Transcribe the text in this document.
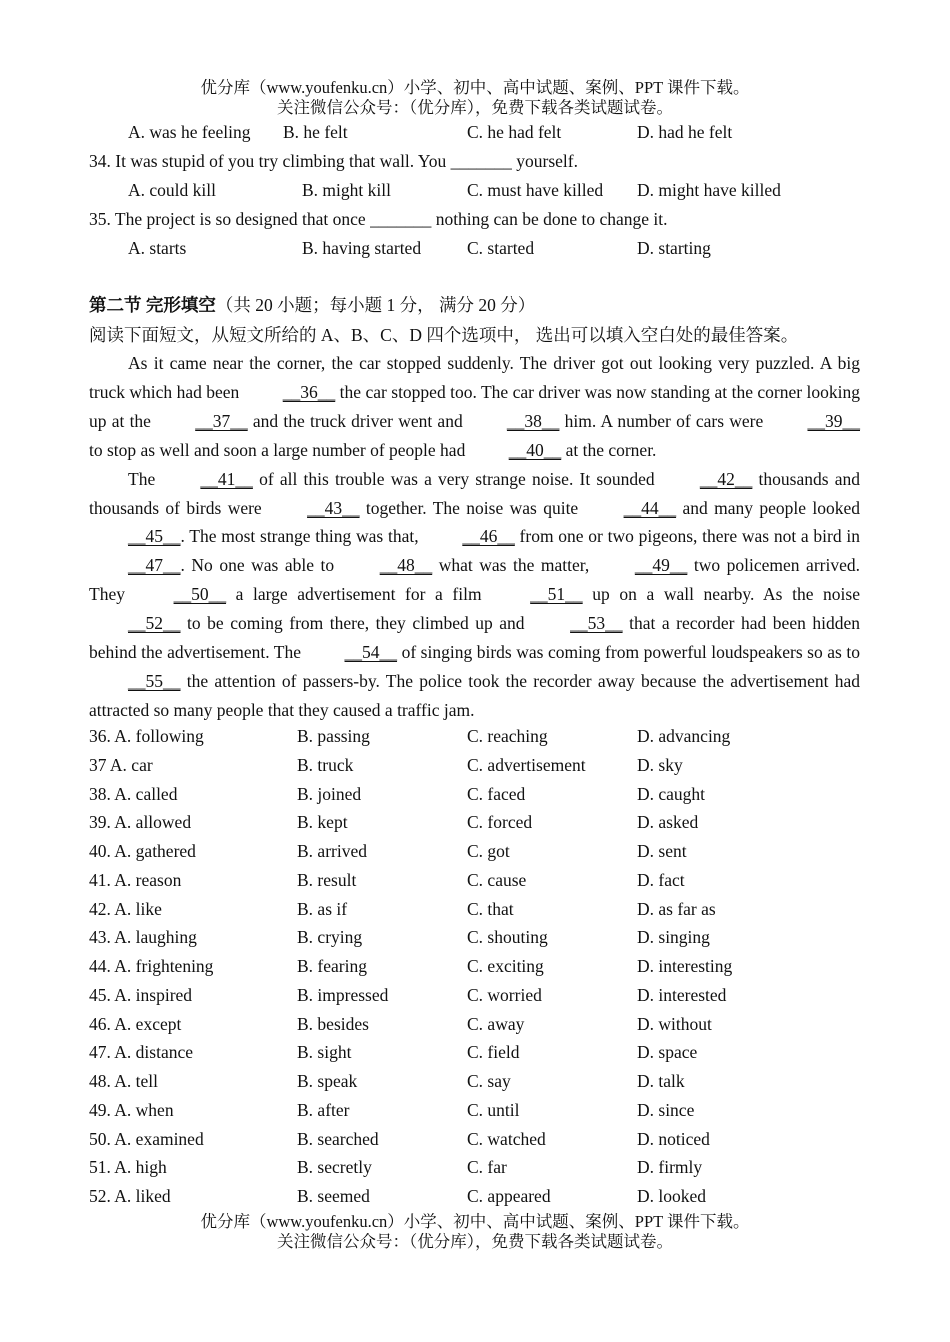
优分库（www.youfenku.cn）小学、初中、高中试题、案例、PPT 课件下载。
关注微信公众号：（优分库），免费下载各类试题试卷。
A. was he feeling B. he felt	C. he had felt	D. had he felt
34. It was stupid of you try climbing that wall. You _______ yourself.
A. could kill	B. might kill	C. must have killed D. might have killed
35. The project is so designed that once _______ nothing can be done to change it.
A. starts	B. having started	C. started	D. starting
第二节 完形填空（共 20 小题；每小题 1 分， 满分 20 分）
阅读下面短文，从短文所给的 A、B、C、D 四个选项中， 选出可以填入空白处的最佳答案。

As it came near the corner, the car stopped suddenly. The driver got out looking very puzzled. A big truck which had been __36__ the car stopped too. The car driver was now standing at the corner looking up at the __37__ and the truck driver went and __38__ him. A number of cars were __39__ to stop as well and soon a large number of people had __40__ at the corner.

The __41__ of all this trouble was a very strange noise. It sounded __42__ thousands and thousands of birds were __43__ together. The noise was quite __44__ and many people looked __45__. The most strange thing was that, __46__ from one or two pigeons, there was not a bird in __47__. No one was able to __48__ what was the matter, __49__ two policemen arrived. They __50__ a large advertisement for a film __51__ up on a wall nearby. As the noise __52__ to be coming from there, they climbed up and __53__ that a recorder had been hidden behind the advertisement. The __54__ of singing birds was coming from powerful loudspeakers so as to __55__ the attention of passers-by. The police took the recorder away because the advertisement had attracted so many people that they caused a traffic jam.

36. A. following	B. passing	C. reaching	D. advancing
37 A. car	B. truck	C. advertisement	D. sky
38. A. called	B. joined	C. faced	D. caught
39. A. allowed	B. kept	C. forced	D. asked
40. A. gathered	B. arrived	C. got	D. sent
41. A. reason	B. result	C. cause	D. fact
42. A. like	B. as if	C. that	D. as far as
43. A. laughing	B. crying	C. shouting	D. singing
44. A. frightening	B. fearing	C. exciting	D. interesting
45. A. inspired	B. impressed	C. worried	D. interested
46. A. except	B. besides	C. away	D. without
47. A. distance	B. sight	C. field	D. space
48. A. tell	B. speak	C. say	D. talk
49. A. when	B. after	C. until	D. since
50. A. examined	B. searched	C. watched	D. noticed
51. A. high	B. secretly	C. far	D. firmly
52. A. liked	B. seemed	C. appeared	D. looked
优分库（www.youfenku.cn）小学、初中、高中试题、案例、PPT 课件下载。
关注微信公众号：（优分库），免费下载各类试题试卷。
